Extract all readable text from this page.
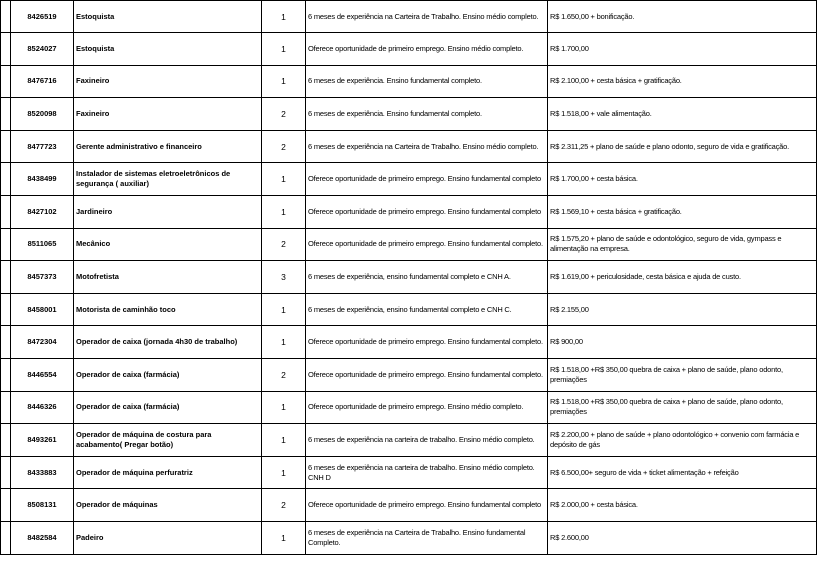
	8426519	Estoquista	1	6 meses de experiência na Carteira de Trabalho. Ensino médio completo.	R$ 1.650,00 + bonificação.
	8524027	Estoquista	1	Oferece oportunidade de primeiro emprego. Ensino médio completo.	R$ 1.700,00
	8476716	Faxineiro	1	6 meses de experiência. Ensino fundamental completo.	R$ 2.100,00 + cesta básica + gratificação.
	8520098	Faxineiro	2	6 meses de experiência. Ensino fundamental completo.	R$ 1.518,00 + vale alimentação.
	8477723	Gerente administrativo e financeiro	2	6 meses de experiência na Carteira de Trabalho. Ensino médio completo.	R$ 2.311,25 + plano de saúde e plano odonto, seguro de vida e gratificação.
	8438499	Instalador de sistemas eletroeletrônicos de segurança ( auxiliar)	1	Oferece oportunidade de primeiro emprego. Ensino fundamental completo	R$ 1.700,00 + cesta básica.
	8427102	Jardineiro	1	Oferece oportunidade de primeiro emprego. Ensino fundamental completo	R$ 1.569,10 + cesta básica + gratificação.
	8511065	Mecânico	2	Oferece oportunidade de primeiro emprego. Ensino fundamental completo.	R$ 1.575,20 + plano de saúde e odontológico, seguro de vida, gympass e alimentação na empresa.
	8457373	Motofretista	3	6 meses de experiência, ensino fundamental completo e CNH A.	R$ 1.619,00 + periculosidade, cesta básica e ajuda de custo.
	8458001	Motorista de caminhão toco	1	6 meses de experiência, ensino fundamental completo e CNH C.	R$ 2.155,00
	8472304	Operador de caixa (jornada 4h30 de trabalho)	1	Oferece oportunidade de primeiro emprego. Ensino fundamental completo.	R$ 900,00
	8446554	Operador de caixa (farmácia)	2	Oferece oportunidade de primeiro emprego. Ensino fundamental completo.	R$ 1.518,00 +R$ 350,00 quebra de caixa + plano de saúde, plano odonto, premiações
	8446326	Operador de caixa (farmácia)	1	Oferece oportunidade de primeiro emprego. Ensino médio completo.	R$ 1.518,00 +R$ 350,00 quebra de caixa + plano de saúde, plano odonto, premiações
	8493261	Operador de máquina de costura para acabamento( Pregar botão)	1	6 meses de experiência na carteira de trabalho. Ensino médio completo.	R$ 2.200,00 + plano de saúde + plano odontológico + convenio com farmácia e depósito de gás
	8433883	Operador de máquina perfuratriz	1	6 meses de experiência na carteira de trabalho. Ensino médio completo. CNH D	R$ 6.500,00+ seguro de vida + ticket alimentação + refeição
	8508131	Operador de máquinas	2	Oferece oportunidade de primeiro emprego. Ensino fundamental completo	R$ 2.000,00 + cesta básica.
	8482584	Padeiro	1	6 meses de experiência na Carteira de Trabalho. Ensino fundamental Completo.	R$ 2.600,00
